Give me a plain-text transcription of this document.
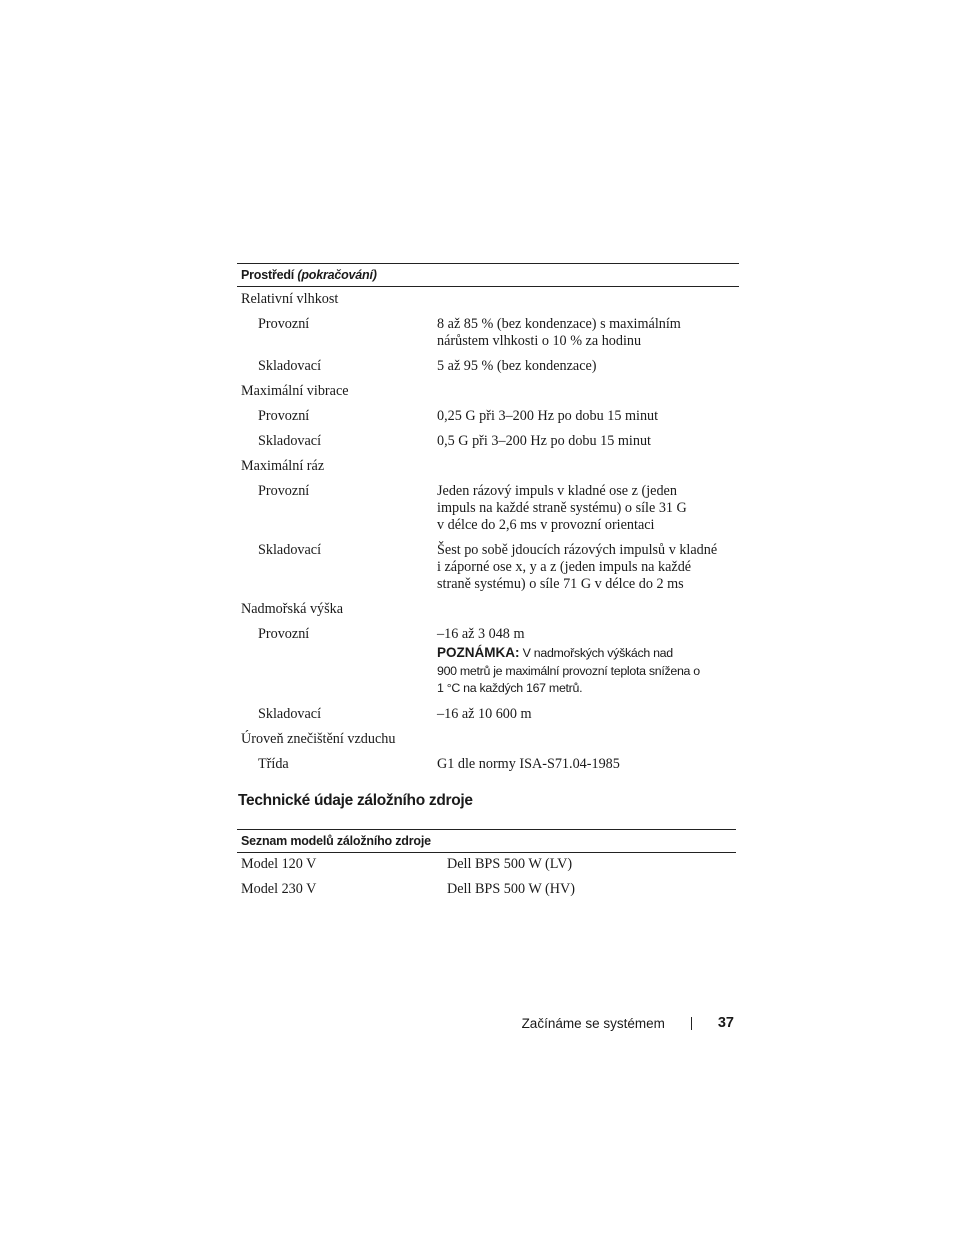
Prostředí (pokračování)
Relativní vlhkost
Provozní	8 až 85 % (bez kondenzace) s maximálním
nárůstem vlhkosti o 10 % za hodinu
Skladovací	5 až 95 % (bez kondenzace)
Maximální vibrace
Provozní	0,25 G při 3–200 Hz po dobu 15 minut
Skladovací	0,5 G při 3–200 Hz po dobu 15 minut
Maximální ráz
Provozní	Jeden rázový impuls v kladné ose z (jeden
impuls na každé straně systému) o síle 31 G
v délce do 2,6 ms v provozní orientaci
Skladovací	Šest po sobě jdoucích rázových impulsů v kladné
i záporné ose x, y a z (jeden impuls na každé
straně systému) o síle 71 G v délce do 2 ms
Nadmořská výška
Provozní	–16 až 3 048 m
POZNÁMKA: V nadmořských výškách nad
900 metrů je maximální provozní teplota snížena o
1 °C na každých 167 metrů.
Skladovací	–16 až 10 600 m
Úroveň znečištění vzduchu
Třída	G1 dle normy ISA-S71.04-1985
Technické údaje záložního zdroje
Seznam modelů záložního zdroje
Model 120 V	Dell BPS 500 W (LV)
Model 230 V	Dell BPS 500 W (HV)
Začínáme se systémem	37
